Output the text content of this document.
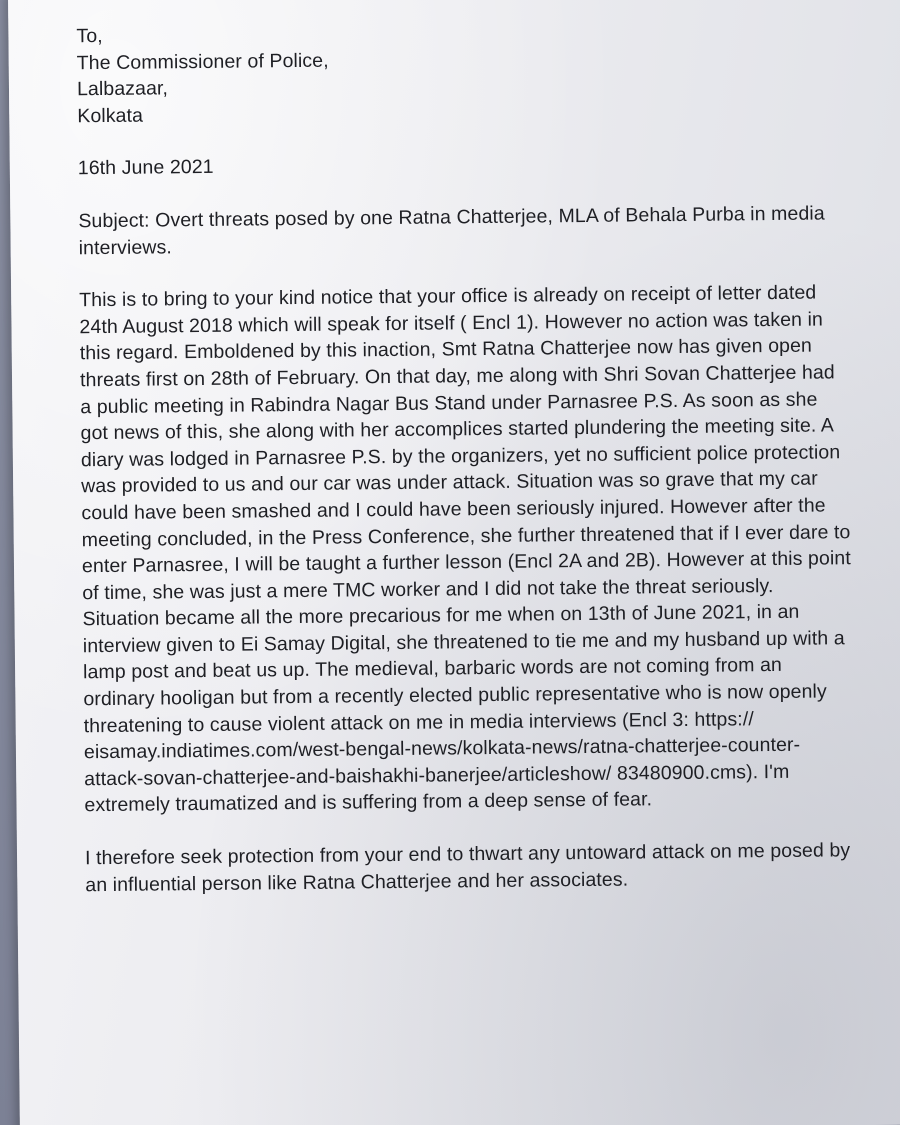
To,

The Commissioner of Police,

Lalbazaar,

Kolkata

16th June 2021

Subject: Overt threats posed by one Ratna Chatterjee, MLA of Behala Purba in media interviews.

This is to bring to your kind notice that your office is already on receipt of letter dated 24th August 2018 which will speak for itself ( Encl 1). However no action was taken in this regard. Emboldened by this inaction, Smt Ratna Chatterjee now has given open threats first on 28th of February. On that day, me along with Shri Sovan Chatterjee had a public meeting in Rabindra Nagar Bus Stand under Parnasree P.S. As soon as she got news of this, she along with her accomplices started plundering the meeting site. A diary was lodged in Parnasree P.S. by the organizers, yet no sufficient police protection was provided to us and our car was under attack. Situation was so grave that my car could have been smashed and I could have been seriously injured. However after the meeting concluded, in the Press Conference, she further threatened that if I ever dare to enter Parnasree, I will be taught a further lesson (Encl 2A and 2B). However at this point of time, she was just a mere TMC worker and I did not take the threat seriously. Situation became all the more precarious for me when on 13th of June 2021, in an interview given to Ei Samay Digital, she threatened to tie me and my husband up with a lamp post and beat us up. The medieval, barbaric words are not coming from an ordinary hooligan but from a recently elected public representative who is now openly threatening to cause violent attack on me in media interviews (Encl 3: https:// eisamay.indiatimes.com/west-bengal-news/kolkata-news/ratna-chatterjee-counter-attack-sovan-chatterjee-and-baishakhi-banerjee/articleshow/ 83480900.cms). I'm extremely traumatized and is suffering from a deep sense of fear.

I therefore seek protection from your end to thwart any untoward attack on me posed by an influential person like Ratna Chatterjee and her associates.
